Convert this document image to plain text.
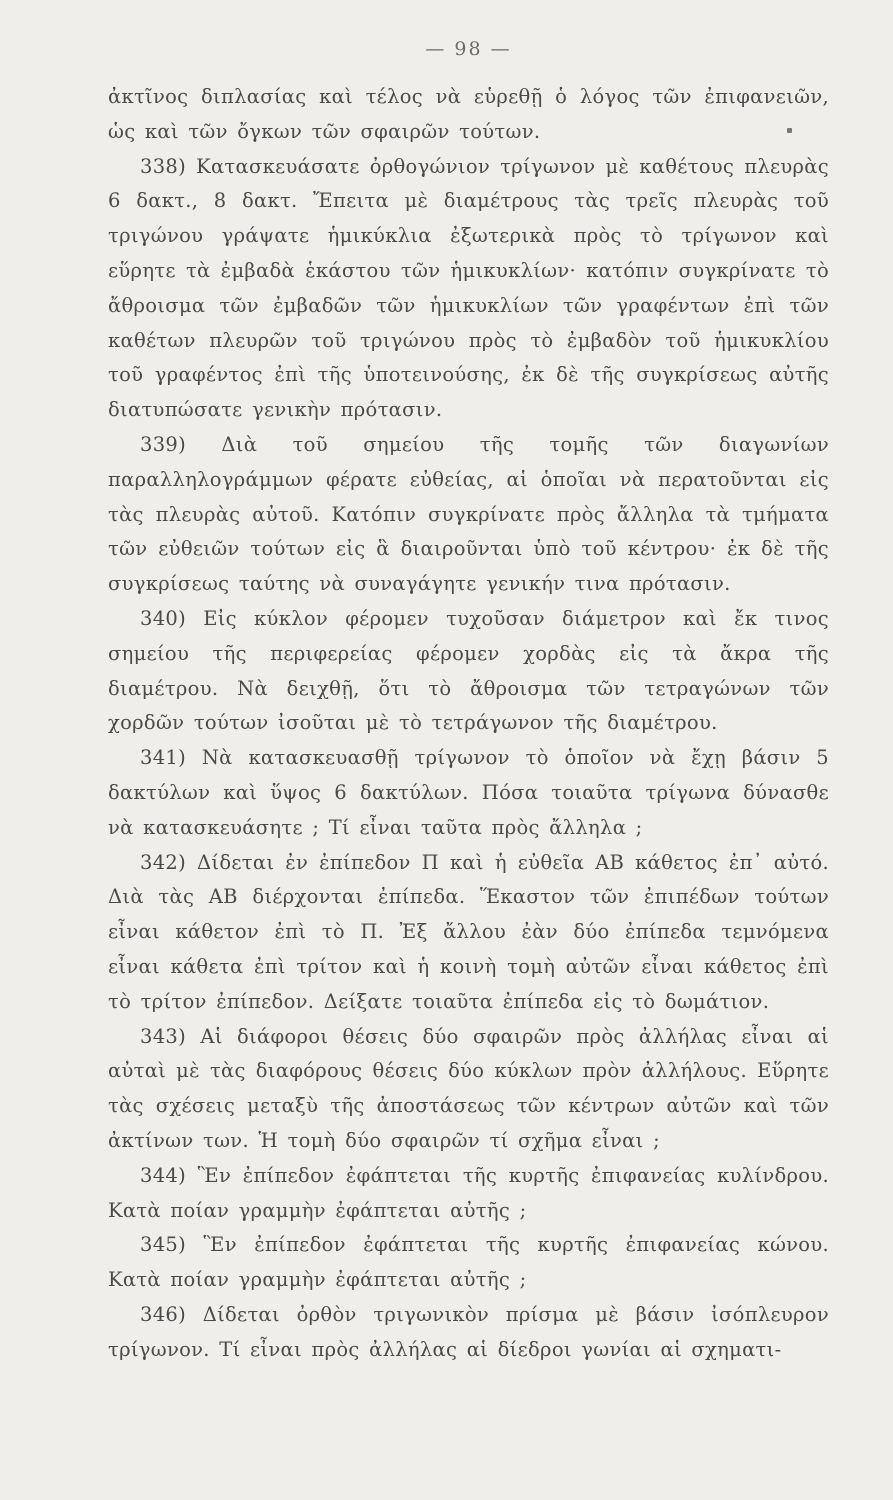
— 98 —

ἀκτῖνος διπλασίας καὶ τέλος νὰ εὑρεθῇ ὁ λόγος τῶν ἐπιφανειῶν, ὡς καὶ τῶν ὄγκων τῶν σφαιρῶν τούτων.

338) Κατασκευάσατε ὀρθογώνιον τρίγωνον μὲ καθέτους πλευρὰς 6 δακτ., 8 δακτ. Ἔπειτα μὲ διαμέτρους τὰς τρεῖς πλευρὰς τοῦ τριγώνου γράψατε ἡμικύκλια ἐξωτερικὰ πρὸς τὸ τρίγωνον καὶ εὕρητε τὰ ἐμβαδὰ ἑκάστου τῶν ἡμικυκλίων· κατόπιν συγκρίνατε τὸ ἄθροισμα τῶν ἐμβαδῶν τῶν ἡμικυκλίων τῶν γραφέντων ἐπὶ τῶν καθέτων πλευρῶν τοῦ τριγώνου πρὸς τὸ ἐμβαδὸν τοῦ ἡμικυκλίου τοῦ γραφέντος ἐπὶ τῆς ὑποτεινούσης, ἐκ δὲ τῆς συγκρίσεως αὐτῆς διατυπώσατε γενικὴν πρότασιν.

339) Διὰ τοῦ σημείου τῆς τομῆς τῶν διαγωνίων παραλληλογράμμων φέρατε εὐθείας, αἱ ὁποῖαι νὰ περατοῦνται εἰς τὰς πλευρὰς αὐτοῦ. Κατόπιν συγκρίνατε πρὸς ἄλληλα τὰ τμήματα τῶν εὐθειῶν τούτων εἰς ἃ διαιροῦνται ὑπὸ τοῦ κέντρου· ἐκ δὲ τῆς συγκρίσεως ταύτης νὰ συναγάγητε γενικήν τινα πρότασιν.

340) Εἰς κύκλον φέρομεν τυχοῦσαν διάμετρον καὶ ἔκ τινος σημείου τῆς περιφερείας φέρομεν χορδὰς εἰς τὰ ἄκρα τῆς διαμέτρου. Νὰ δειχθῇ, ὅτι τὸ ἄθροισμα τῶν τετραγώνων τῶν χορδῶν τούτων ἰσοῦται μὲ τὸ τετράγωνον τῆς διαμέτρου.

341) Νὰ κατασκευασθῇ τρίγωνον τὸ ὁποῖον νὰ ἔχῃ βάσιν 5 δακτύλων καὶ ὕψος 6 δακτύλων. Πόσα τοιαῦτα τρίγωνα δύνασθε νὰ κατασκευάσητε ; Τί εἶναι ταῦτα πρὸς ἄλληλα ;

342) Δίδεται ἐν ἐπίπεδον Π καὶ ἡ εὐθεῖα ΑΒ κάθετος ἐπ᾽ αὐτό. Διὰ τὰς ΑΒ διέρχονται ἐπίπεδα. Ἕκαστον τῶν ἐπιπέδων τούτων εἶναι κάθετον ἐπὶ τὸ Π. Ἐξ ἄλλου ἐὰν δύο ἐπίπεδα τεμνόμενα εἶναι κάθετα ἐπὶ τρίτον καὶ ἡ κοινὴ τομὴ αὐτῶν εἶναι κάθετος ἐπὶ τὸ τρίτον ἐπίπεδον. Δείξατε τοιαῦτα ἐπίπεδα εἰς τὸ δωμάτιον.

343) Αἱ διάφοροι θέσεις δύο σφαιρῶν πρὸς ἀλλήλας εἶναι αἱ αὐταὶ μὲ τὰς διαφόρους θέσεις δύο κύκλων πρὸν ἀλλήλους. Εὕρητε τὰς σχέσεις μεταξὺ τῆς ἀποστάσεως τῶν κέντρων αὐτῶν καὶ τῶν ἀκτίνων των. Ἡ τομὴ δύο σφαιρῶν τί σχῆμα εἶναι ;

344) Ἓν ἐπίπεδον ἐφάπτεται τῆς κυρτῆς ἐπιφανείας κυλίνδρου. Κατὰ ποίαν γραμμὴν ἐφάπτεται αὐτῆς ;

345) Ἓν ἐπίπεδον ἐφάπτεται τῆς κυρτῆς ἐπιφανείας κώνου. Κατὰ ποίαν γραμμὴν ἐφάπτεται αὐτῆς ;

346) Δίδεται ὀρθὸν τριγωνικὸν πρίσμα μὲ βάσιν ἰσόπλευρον τρίγωνον. Τί εἶναι πρὸς ἀλλήλας αἱ δίεδροι γωνίαι αἱ σχηματι-
